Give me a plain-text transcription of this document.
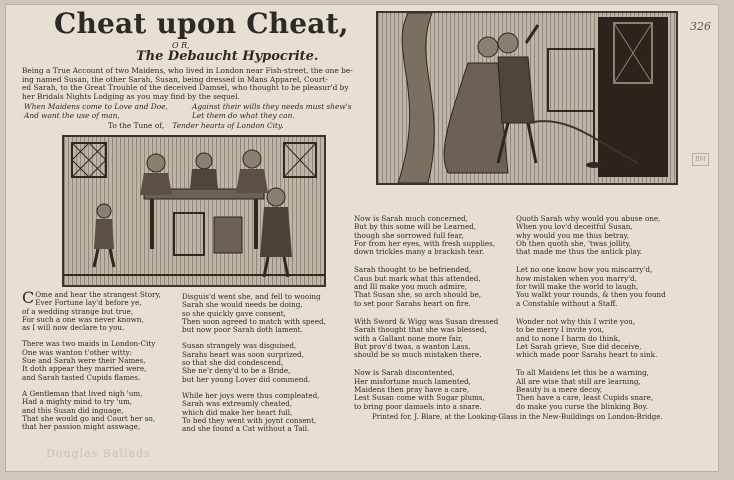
326
Cheat upon Cheat,
O R,
The Debaucht Hypocrite.
Being a True Account of two Maidens, who lived in London near Fish-street, the one be-
ing named Susan, the other Sarah, Susan, being dressed in Mans Apparel, Court-
ed Sarah, to the Great Trouble of the deceived Damsel, who thought to be pleasur'd by
her Bridals Nights Lodging as you may find by the sequel.
When Maidens come to Love and Doe,
And want the use of man,
Against their wills they needs must shew's
Let them do what they can.
To the Tune of, Tender hearts of London City.
C Ome and hear the strangest Story,
Ever Fortune lay'd before ye,
of a wedding strange but true,
For such a one was never known,
as I will now declare to you.
There was two maids in London-City
One was wanton t'other witty:
Sue and Sarah were their Names,
It doth appear they married were,
and Sarah tasted Cupids flames.
A Gentleman that lived nigh 'um,
Had a mighty mind to try 'um,
and this Susan did inguage,
That she would go and Court her so,
that her passion might asswage,
Disguis'd went she, and fell to wooing
Sarah she would needs be doing,
so she quickly gave consent,
Then soon agreed to match with speed,
but now poor Sarah doth lament.
Susan strangely was disguised,
Sarahs heart was soon surprized,
so that she did condescend,
She ne'r deny'd to be a Bride,
but her young Lover did commend.
While her joys were thus compleated,
Sarah was extreamly cheated,
which did make her heart full,
To bed they went with joynt consent,
and she found a Cat without a Tail.
Now is Sarah much concerned,
But by this some will be Learned,
though she sorrowed full fear,
For from her eyes, with fresh supplies,
down trickles many a brackish tear.
Sarah thought to be befriended,
Caus but mark what this attended,
and Ill make you much admire,
That Susan she, so arch should be,
to set poor Sarahs heart on fire.
With Sword & Wigg was Susan dressed
Sarah thought that she was blessed,
with a Gallant none more fair,
But prov'd twas, a wanton Lass,
should be so much mistaken there.
Now is Sarah discontented,
Her misfortune much lamented,
Maidens then pray have a care,
Lest Susan come with Sugar plums,
to bring poor damsels into a snare.
Quoth Sarah why would you abuse one,
When you lov'd deceitful Susan,
why would you me thus betray,
Oh then quoth she, 'twas jollity,
that made me thus the antick play.
Let no one know how you miscarry'd,
how mistaken when you marry'd,
for twill make the world to laugh,
You walkt your rounds, & then you found
a Constable without a Staff.
Wonder not why this I write you,
to be merry I invite you,
and to none I harm do think,
Let Sarah grieve, Sue did deceive,
which made poor Sarahs heart to sink.
To all Maidens let this be a warning,
All are wise that still are learning,
Beauty is a mere decoy,
Then have a care, least Cupids snare,
do make you curse the blinking Boy.
Printed for, J. Blare, at the Looking-Glass in the New-Buildings on London-Bridge.
BM
Douglas Ballads
